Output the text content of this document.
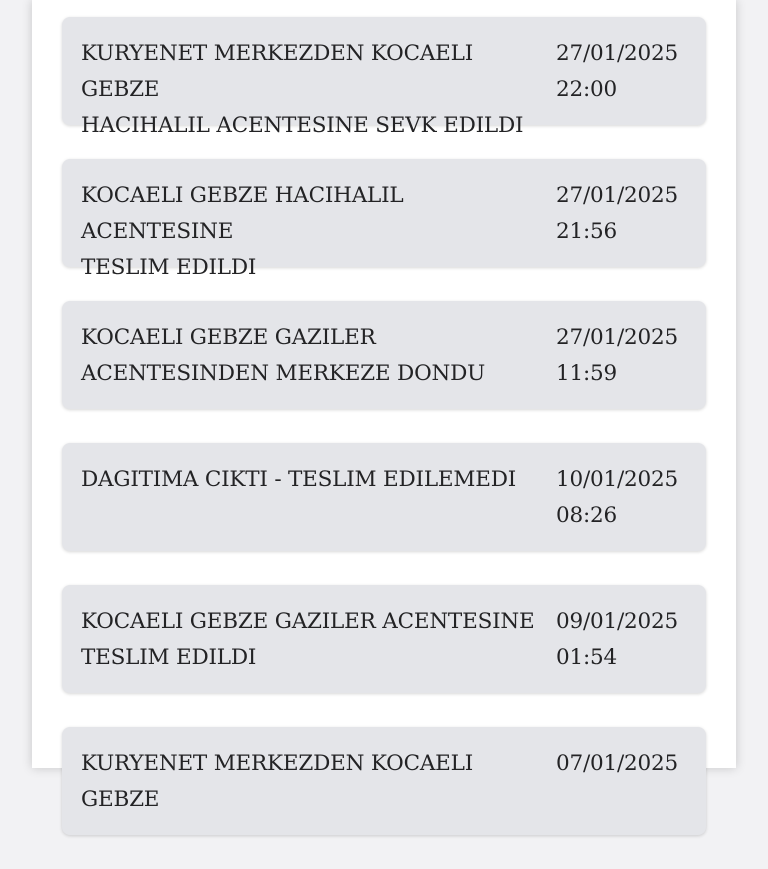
KURYENET MERKEZDEN KOCAELI GEBZE
HACIHALIL ACENTESINE SEVK EDILDI
27/01/2025
22:00
KOCAELI GEBZE HACIHALIL ACENTESINE
TESLIM EDILDI
27/01/2025
21:56
KOCAELI GEBZE GAZILER
ACENTESINDEN MERKEZE DONDU
27/01/2025
11:59
DAGITIMA CIKTI - TESLIM EDILEMEDI	10/01/2025
08:26
KOCAELI GEBZE GAZILER ACENTESINE
TESLIM EDILDI
09/01/2025
01:54
KURYENET MERKEZDEN KOCAELI GEBZE
07/01/2025
